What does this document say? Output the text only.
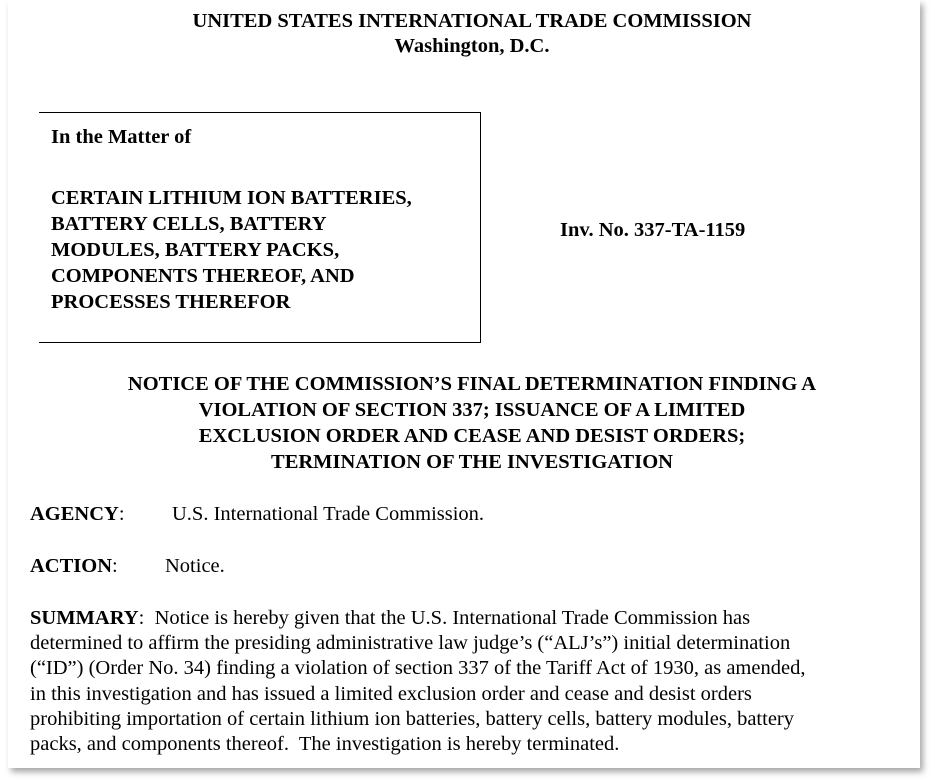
UNITED STATES INTERNATIONAL TRADE COMMISSION
Washington, D.C.
In the Matter of
CERTAIN LITHIUM ION BATTERIES,
BATTERY CELLS, BATTERY
MODULES, BATTERY PACKS,
COMPONENTS THEREOF, AND
PROCESSES THEREFOR
Inv. No. 337-TA-1159
NOTICE OF THE COMMISSION’S FINAL DETERMINATION FINDING A
VIOLATION OF SECTION 337; ISSUANCE OF A LIMITED
EXCLUSION ORDER AND CEASE AND DESIST ORDERS;
TERMINATION OF THE INVESTIGATION
AGENCY: U.S. International Trade Commission.
ACTION: Notice.
SUMMARY:  Notice is hereby given that the U.S. International Trade Commission has
determined to affirm the presiding administrative law judge’s (“ALJ’s”) initial determination
(“ID”) (Order No. 34) finding a violation of section 337 of the Tariff Act of 1930, as amended,
in this investigation and has issued a limited exclusion order and cease and desist orders
prohibiting importation of certain lithium ion batteries, battery cells, battery modules, battery
packs, and components thereof.  The investigation is hereby terminated.
